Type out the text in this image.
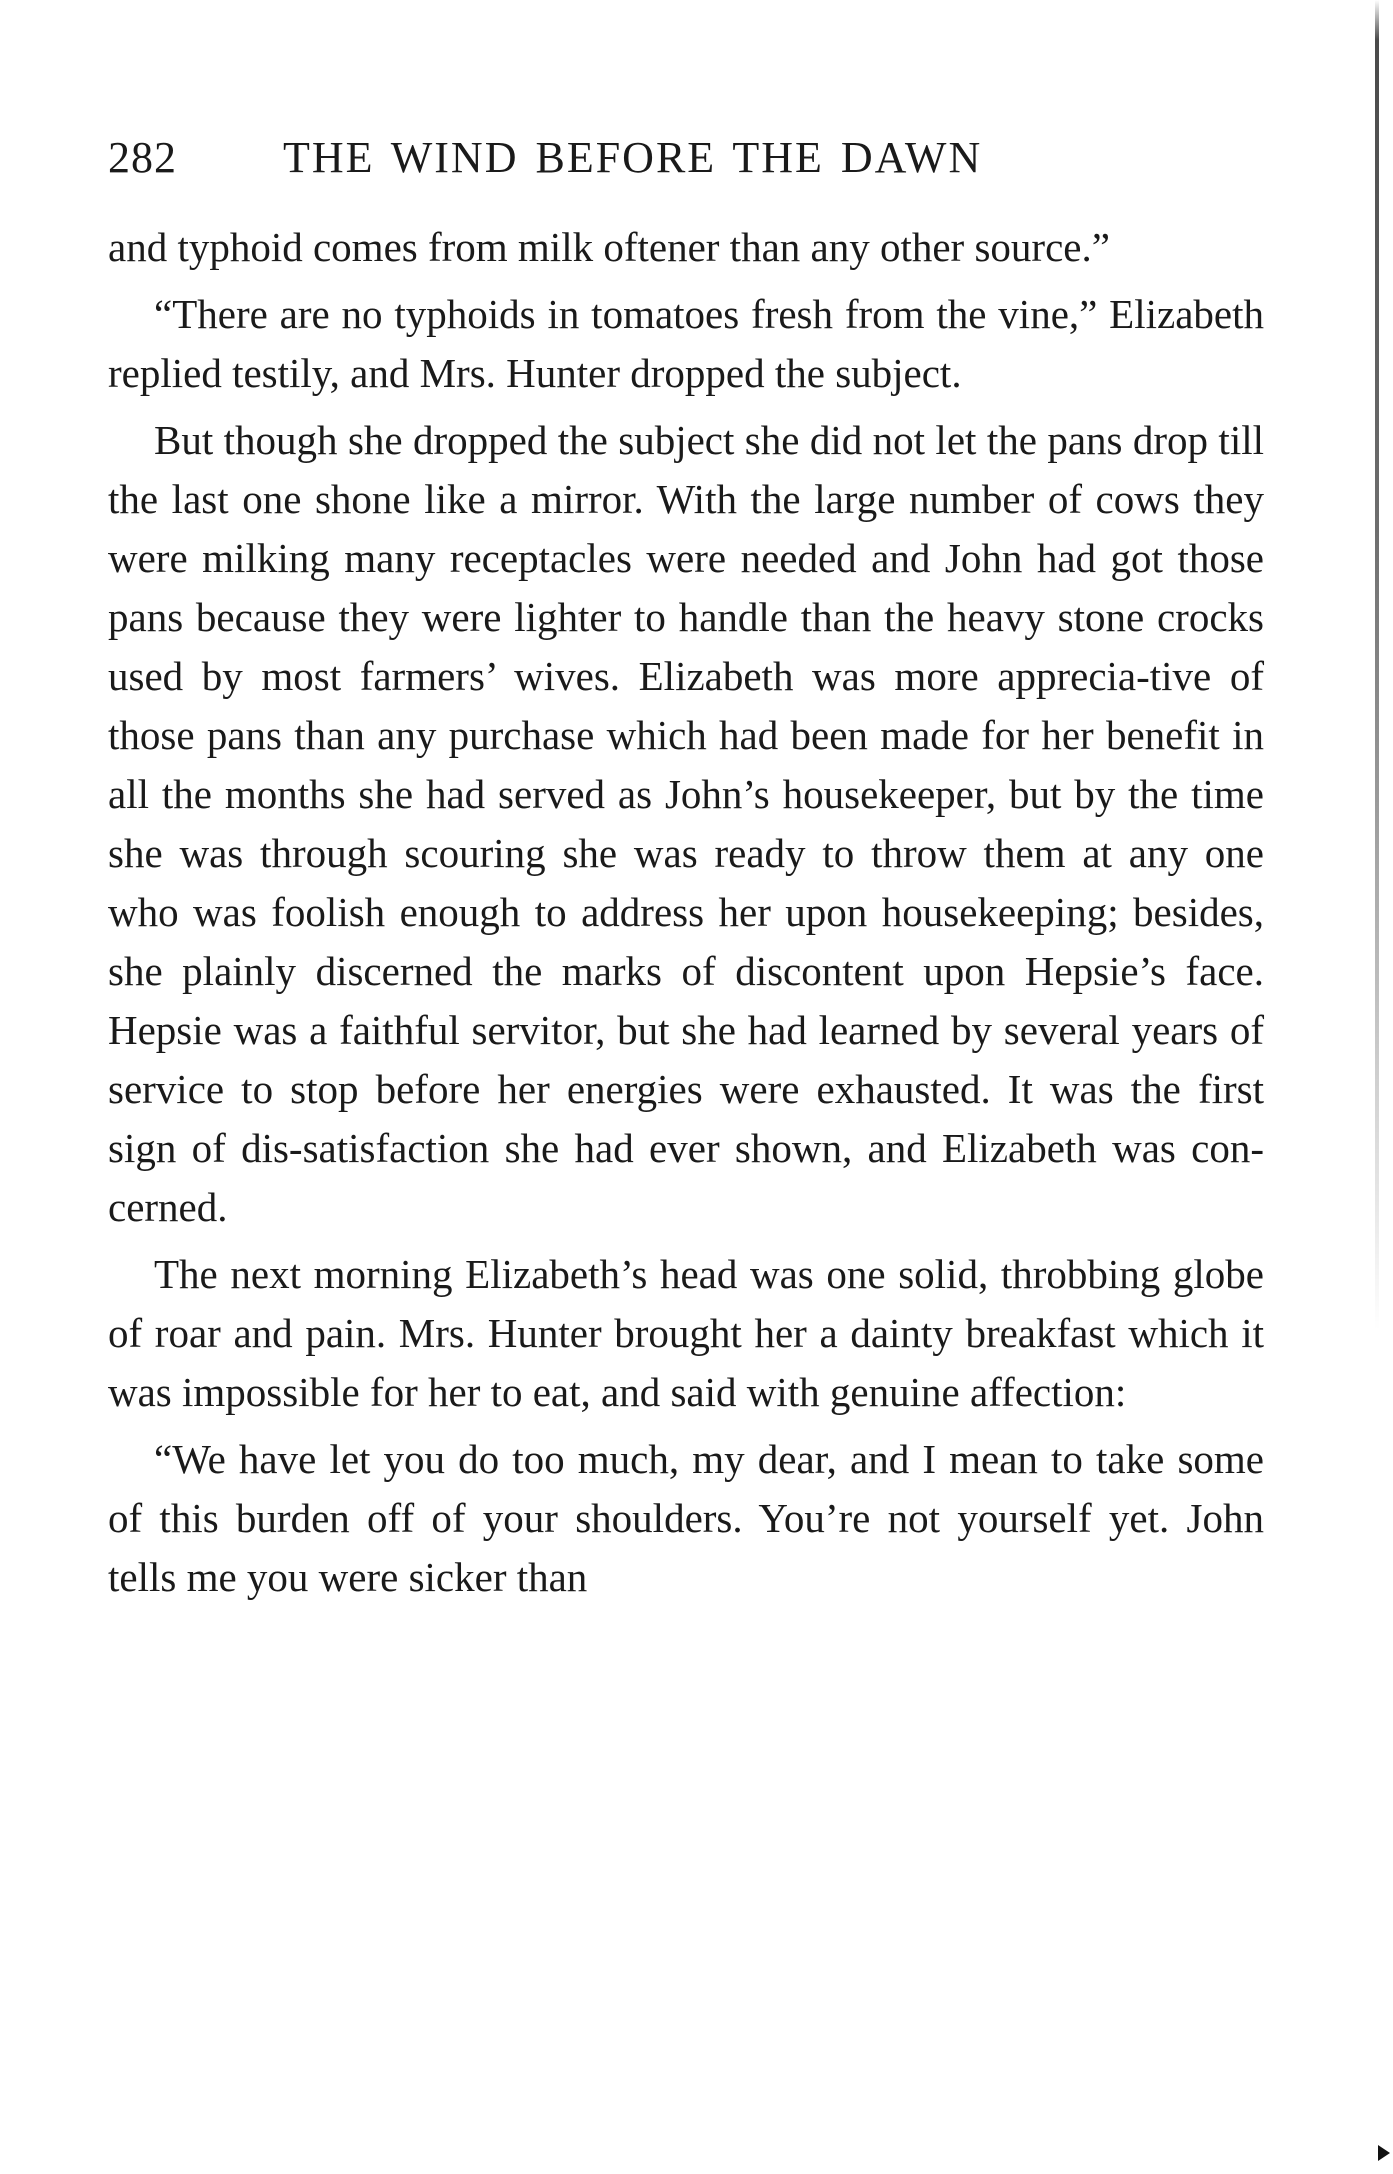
282 THE WIND BEFORE THE DAWN

and typhoid comes from milk oftener than any other source.”

“There are no typhoids in tomatoes fresh from the vine,” Elizabeth replied testily, and Mrs. Hunter dropped the subject.

But though she dropped the subject she did not let the pans drop till the last one shone like a mirror. With the large number of cows they were milking many receptacles were needed and John had got those pans because they were lighter to handle than the heavy stone crocks used by most farmers’ wives. Elizabeth was more apprecia-tive of those pans than any purchase which had been made for her benefit in all the months she had served as John’s housekeeper, but by the time she was through scouring she was ready to throw them at any one who was foolish enough to address her upon housekeeping; besides, she plainly discerned the marks of discontent upon Hepsie’s face. Hepsie was a faithful servitor, but she had learned by several years of service to stop before her energies were exhausted. It was the first sign of dis-satisfaction she had ever shown, and Elizabeth was con-cerned.

The next morning Elizabeth’s head was one solid, throbbing globe of roar and pain. Mrs. Hunter brought her a dainty breakfast which it was impossible for her to eat, and said with genuine affection:

“We have let you do too much, my dear, and I mean to take some of this burden off of your shoulders. You’re not yourself yet. John tells me you were sicker than
